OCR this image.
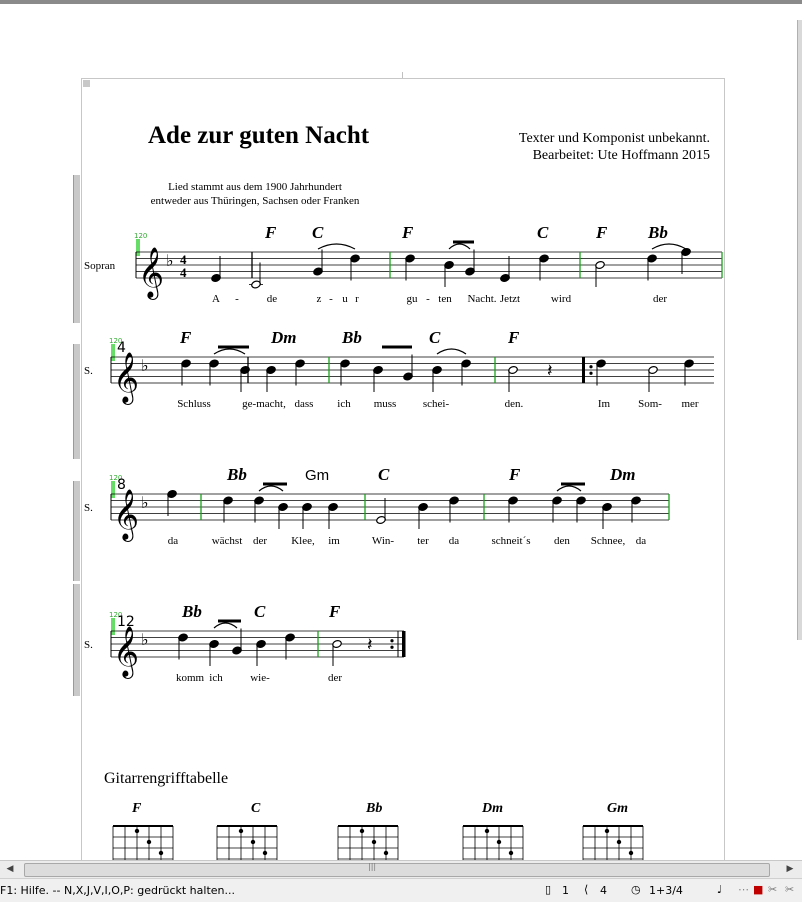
Ade zur guten Nacht	Texter und Komponist unbekannt.
Bearbeitet: Ute Hoffmann 2015
Lied stammt aus dem 1900 Jahrhundert
entweder aus Thüringen, Sachsen oder Franken
Gitarrengrifftabelle
Sopran
120
𝄞 ♭ 4
4
F C	F	C	F Bb
A -	de	z - u r	gu - ten Nacht. Jetzt	wird	der
S.
120
4
𝄞 ♭	𝄽
F	Dm	Bb	C	F
Schluss	ge-macht, dass ich muss schei-	den.	Im	Som- mer
S.
120
8
𝄞 ♭
Bb	Gm	C	F	Dm
da	wächst der Klee, im	Win- ter da	schneit´s den Schnee, da
S.
120
12
𝄞 ♭	𝄽
Bb	C	F
komm ich	wie-	der
F	C	Bb	Dm	Gm
◀	|||	▶
F1: Hilfe. -- N,X,J,V,I,O,P: gedrückt halten...	▯ 1 ⟨ 4 ◷ 1+3/4	♩ ⋯ ■ ✂ ✂
